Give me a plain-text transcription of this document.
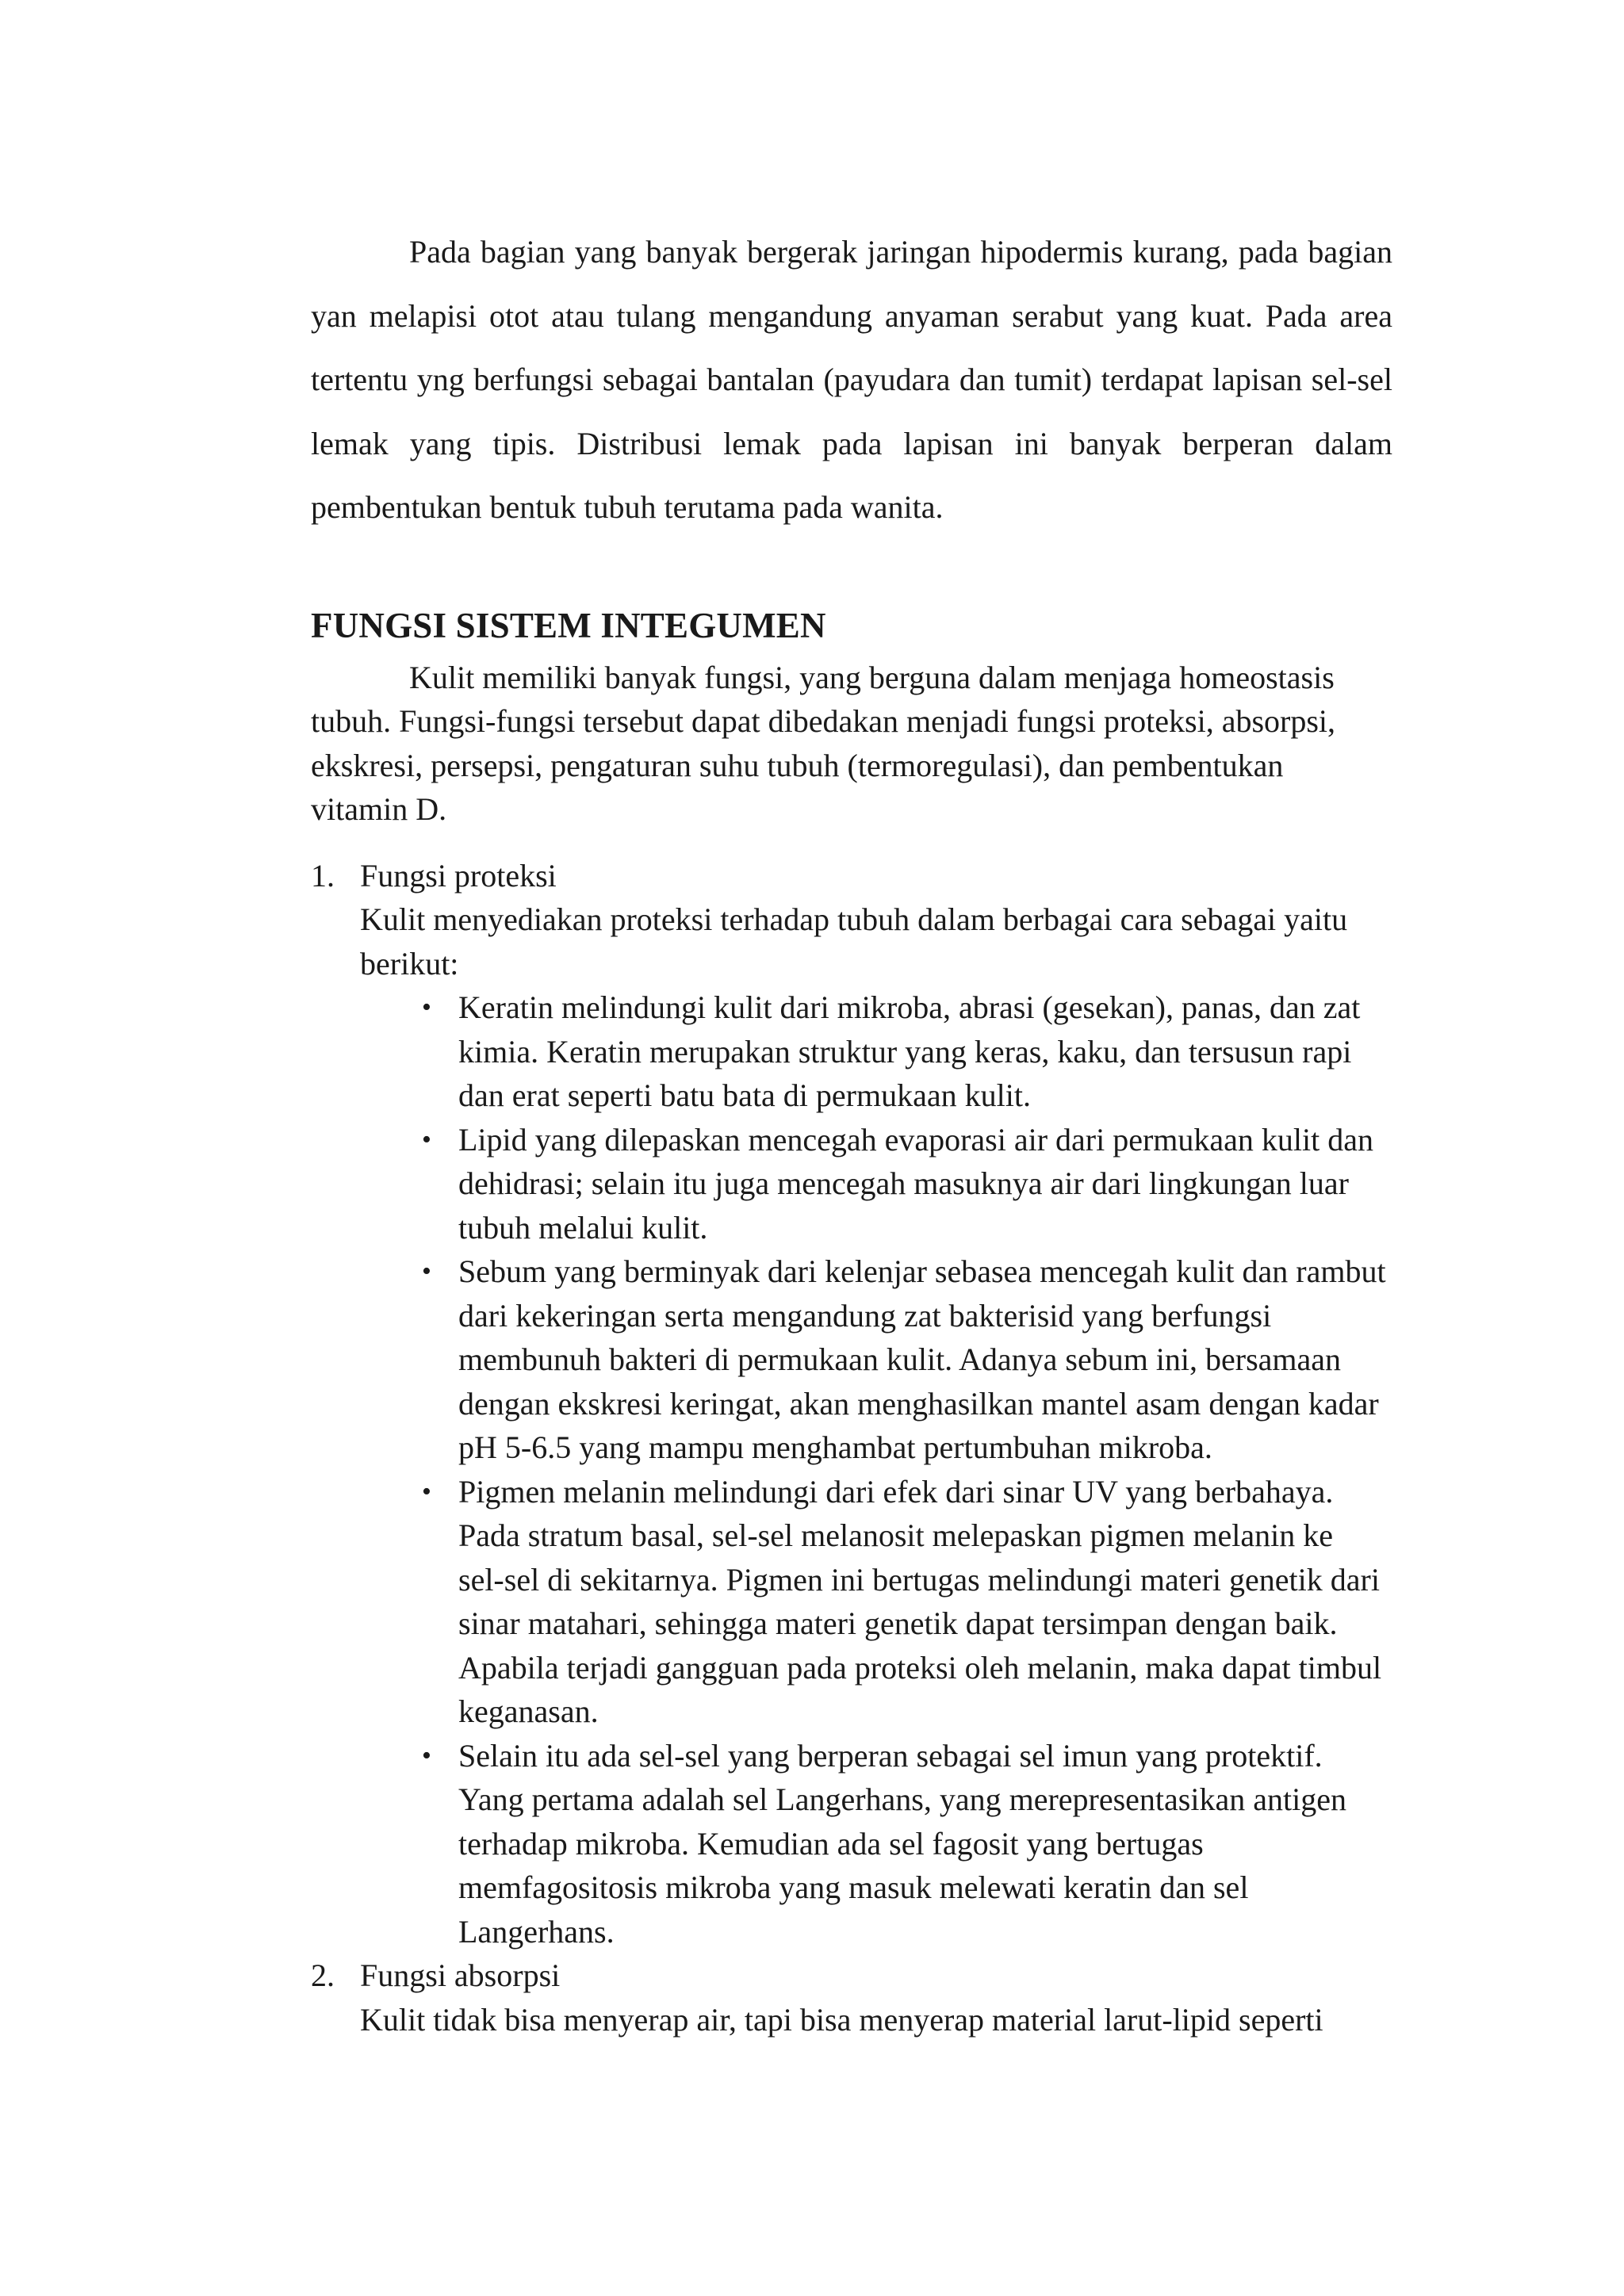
Pada bagian yang banyak bergerak jaringan hipodermis kurang, pada bagian yan melapisi otot atau tulang mengandung anyaman serabut yang kuat. Pada area tertentu yng berfungsi sebagai bantalan (payudara dan tumit) terdapat lapisan sel-sel lemak yang tipis. Distribusi lemak pada lapisan ini banyak berperan dalam pembentukan bentuk tubuh terutama pada wanita.

FUNGSI SISTEM INTEGUMEN

Kulit memiliki banyak fungsi, yang berguna dalam menjaga homeostasis tubuh. Fungsi-fungsi tersebut dapat dibedakan menjadi fungsi proteksi, absorpsi, ekskresi, persepsi, pengaturan suhu tubuh (termoregulasi), dan pembentukan vitamin D.

1. Fungsi proteksi
Kulit menyediakan proteksi terhadap tubuh dalam berbagai cara sebagai yaitu berikut:
• Keratin melindungi kulit dari mikroba, abrasi (gesekan), panas, dan zat kimia. Keratin merupakan struktur yang keras, kaku, dan tersusun rapi dan erat seperti batu bata di permukaan kulit.
• Lipid yang dilepaskan mencegah evaporasi air dari permukaan kulit dan dehidrasi; selain itu juga mencegah masuknya air dari lingkungan luar tubuh melalui kulit.
• Sebum yang berminyak dari kelenjar sebasea mencegah kulit dan rambut dari kekeringan serta mengandung zat bakterisid yang berfungsi membunuh bakteri di permukaan kulit. Adanya sebum ini, bersamaan dengan ekskresi keringat, akan menghasilkan mantel asam dengan kadar pH 5-6.5 yang mampu menghambat pertumbuhan mikroba.
• Pigmen melanin melindungi dari efek dari sinar UV yang berbahaya. Pada stratum basal, sel-sel melanosit melepaskan pigmen melanin ke sel-sel di sekitarnya. Pigmen ini bertugas melindungi materi genetik dari sinar matahari, sehingga materi genetik dapat tersimpan dengan baik. Apabila terjadi gangguan pada proteksi oleh melanin, maka dapat timbul keganasan.
• Selain itu ada sel-sel yang berperan sebagai sel imun yang protektif. Yang pertama adalah sel Langerhans, yang merepresentasikan antigen terhadap mikroba. Kemudian ada sel fagosit yang bertugas memfagositosis mikroba yang masuk melewati keratin dan sel Langerhans.
2. Fungsi absorpsi
Kulit tidak bisa menyerap air, tapi bisa menyerap material larut-lipid seperti
